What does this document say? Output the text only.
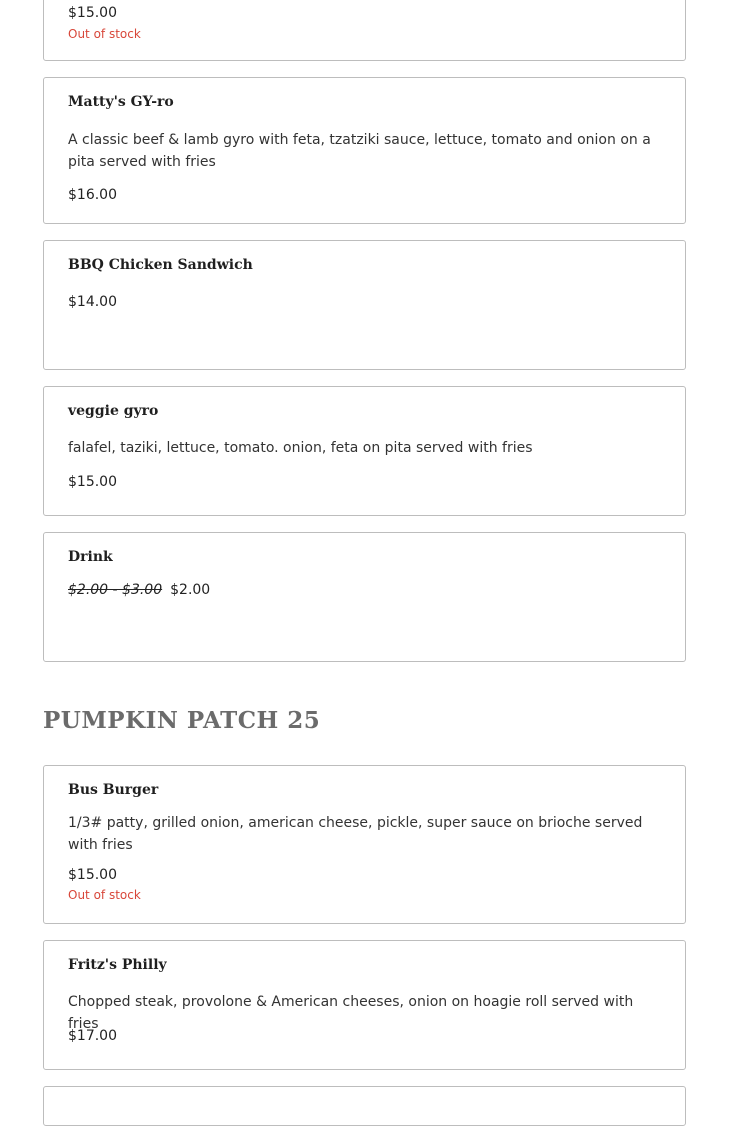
$15.00
Out of stock
Matty's GY-ro
A classic beef & lamb gyro with feta, tzatziki sauce, lettuce, tomato and onion on a pita served with fries
$16.00
BBQ Chicken Sandwich
$14.00
veggie gyro
falafel, taziki, lettuce, tomato. onion, feta on pita served with fries
$15.00
Drink
$2.00 - $3.00 $2.00
PUMPKIN PATCH 25
Bus Burger
1/3# patty, grilled onion, american cheese, pickle, super sauce on brioche served with fries
$15.00
Out of stock
Fritz's Philly
Chopped steak, provolone & American cheeses, onion on hoagie roll served with fries
$17.00
